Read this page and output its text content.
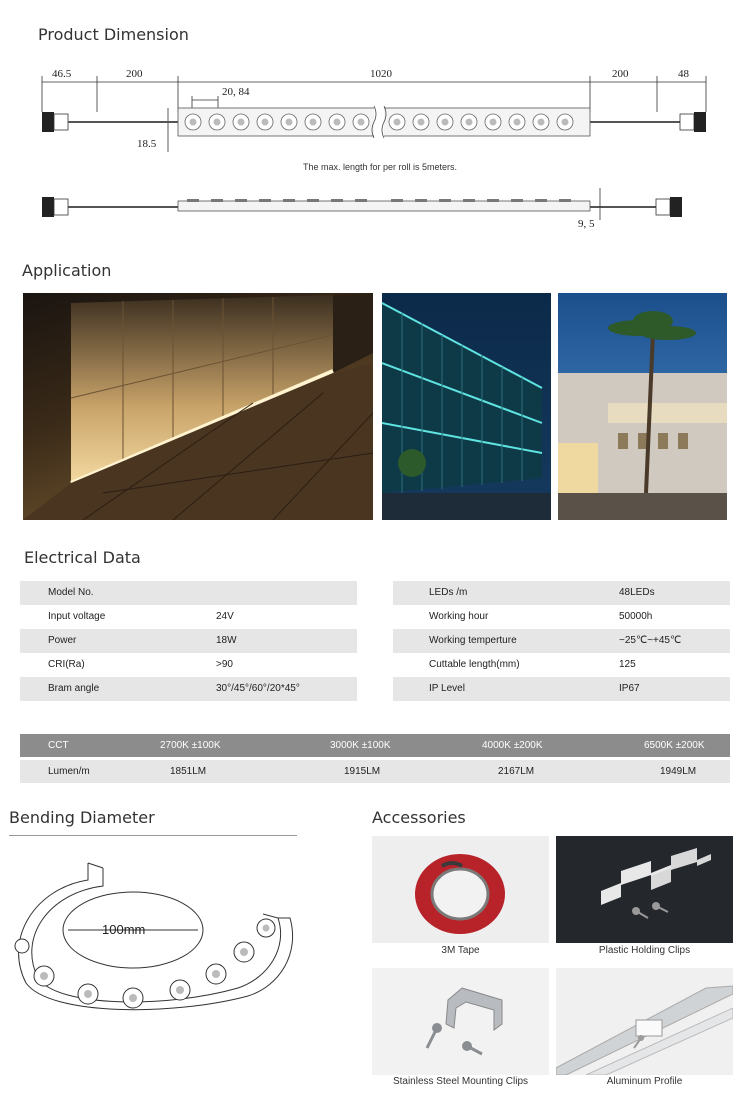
Product Dimension
46.5	200	1020	200	48
20, 84
18.5
The max. length for per roll is 5meters.
9, 5
Application
Electrical Data
Model No.
Input voltage	24V
Power	18W
CRI(Ra)	>90
Bram angle	30°/45°/60°/20*45°
LEDs /m	48LEDs
Working hour	50000h
Working temperture	−25℃~+45℃
Cuttable length(mm)	125
IP Level	IP67
CCT	2700K ±100K	3000K ±100K	4000K ±200K	6500K ±200K
Lumen/m	1851LM	1915LM	2167LM	1949LM
Bending Diameter
100mm
Accessories
3M Tape	Plastic Holding Clips
Stainless Steel Mounting Clips	Aluminum Profile
